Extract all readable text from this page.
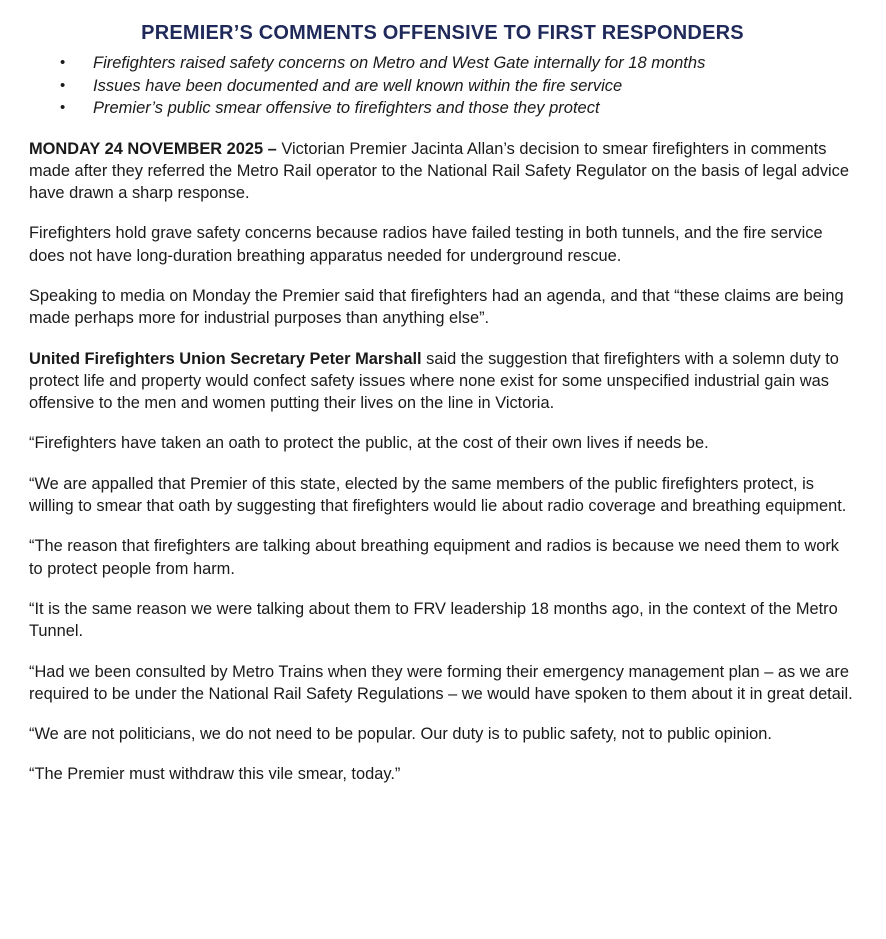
PREMIER’S COMMENTS OFFENSIVE TO FIRST RESPONDERS
• Firefighters raised safety concerns on Metro and West Gate internally for 18 months
• Issues have been documented and are well known within the fire service
• Premier’s public smear offensive to firefighters and those they protect

MONDAY 24 NOVEMBER 2025 – Victorian Premier Jacinta Allan’s decision to smear firefighters in comments made after they referred the Metro Rail operator to the National Rail Safety Regulator on the basis of legal advice have drawn a sharp response.

Firefighters hold grave safety concerns because radios have failed testing in both tunnels, and the fire service does not have long-duration breathing apparatus needed for underground rescue.

Speaking to media on Monday the Premier said that firefighters had an agenda, and that “these claims are being made perhaps more for industrial purposes than anything else”.

United Firefighters Union Secretary Peter Marshall said the suggestion that firefighters with a solemn duty to protect life and property would confect safety issues where none exist for some unspecified industrial gain was offensive to the men and women putting their lives on the line in Victoria.

“Firefighters have taken an oath to protect the public, at the cost of their own lives if needs be.

“We are appalled that Premier of this state, elected by the same members of the public firefighters protect, is willing to smear that oath by suggesting that firefighters would lie about radio coverage and breathing equipment.

“The reason that firefighters are talking about breathing equipment and radios is because we need them to work to protect people from harm.

“It is the same reason we were talking about them to FRV leadership 18 months ago, in the context of the Metro Tunnel.

“Had we been consulted by Metro Trains when they were forming their emergency management plan – as we are required to be under the National Rail Safety Regulations – we would have spoken to them about it in great detail.

“We are not politicians, we do not need to be popular. Our duty is to public safety, not to public opinion.

“The Premier must withdraw this vile smear, today.”
